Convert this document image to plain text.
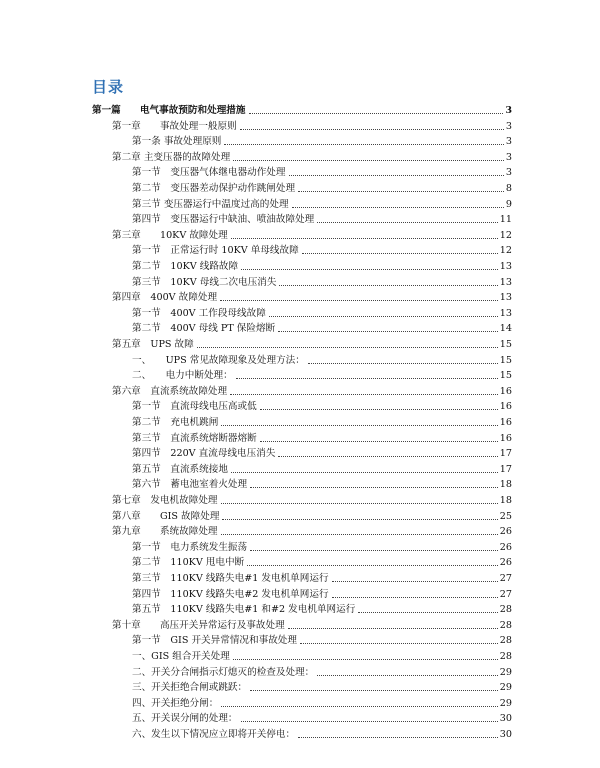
目录
第一篇　　电气事故预防和处理措施	3
第一章　　事故处理一般原则	3
第一条 事故处理原则	3
第二章 主变压器的故障处理	3
第一节　变压器气体继电器动作处理	3
第二节　变压器差动保护动作跳闸处理	8
第三节 变压器运行中温度过高的处理	9
第四节　变压器运行中缺油、喷油故障处理	11
第三章　　10KV 故障处理	12
第一节　正常运行时 10KV 单母线故障	12
第二节　10KV 线路故障	13
第三节　10KV 母线二次电压消失	13
第四章　400V 故障处理	13
第一节　400V 工作段母线故障	13
第二节　400V 母线 PT 保险熔断	14
第五章　UPS 故障	15
一、　　UPS 常见故障现象及处理方法：	15
二、　　电力中断处理：	15
第六章　直流系统故障处理	16
第一节　直流母线电压高或低	16
第二节　充电机跳闸	16
第三节　直流系统熔断器熔断	16
第四节　220V 直流母线电压消失	17
第五节　直流系统接地	17
第六节　蓄电池室着火处理	18
第七章　发电机故障处理	18
第八章　　GIS 故障处理	25
第九章　　系统故障处理	26
第一节　电力系统发生振荡	26
第二节　110KV 甩电中断	26
第三节　110KV 线路失电#1 发电机单网运行	27
第四节　110KV 线路失电#2 发电机单网运行	27
第五节　110KV 线路失电#1 和#2 发电机单网运行	28
第十章　　高压开关异常运行及事故处理	28
第一节　GIS 开关异常情况和事故处理	28
一、GIS 组合开关处理	28
二、开关分合闸指示灯熄灭的检查及处理：	29
三、开关拒绝合闸或跳跃：	29
四、开关拒绝分闸：	29
五、开关误分闸的处理：	30
六、发生以下情况应立即将开关停电：	30
